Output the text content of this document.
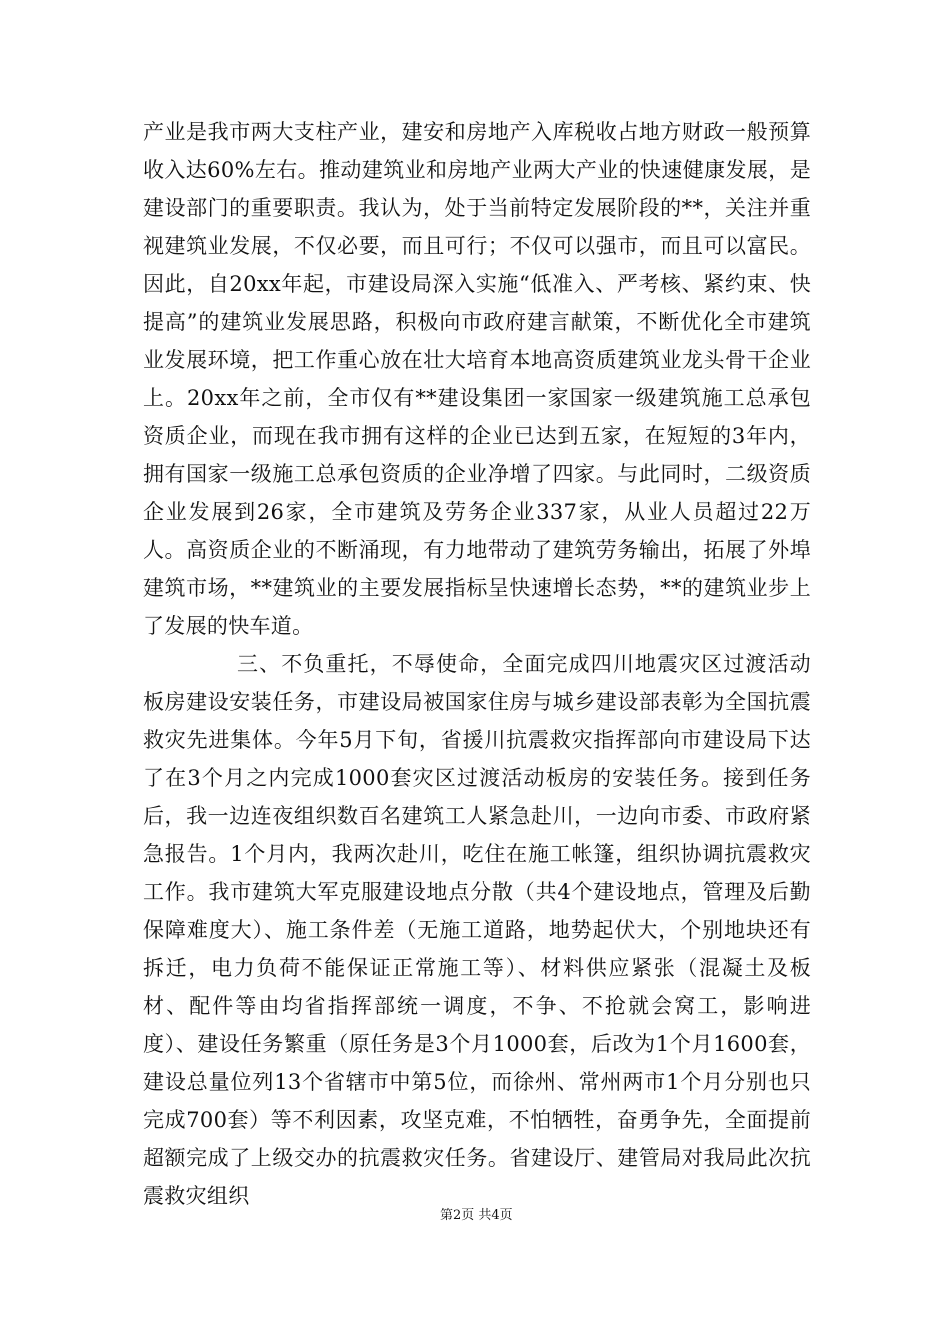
产业是我市两大支柱产业，建安和房地产入库税收占地方财政一般预算收入达60%左右。推动建筑业和房地产业两大产业的快速健康发展，是建设部门的重要职责。我认为，处于当前特定发展阶段的**，关注并重视建筑业发展，不仅必要，而且可行；不仅可以强市，而且可以富民。因此，自20xx年起，市建设局深入实施“低准入、严考核、紧约束、快提高”的建筑业发展思路，积极向市政府建言献策，不断优化全市建筑业发展环境，把工作重心放在壮大培育本地高资质建筑业龙头骨干企业上。20xx年之前，全市仅有**建设集团一家国家一级建筑施工总承包资质企业，而现在我市拥有这样的企业已达到五家，在短短的3年内，拥有国家一级施工总承包资质的企业净增了四家。与此同时，二级资质企业发展到26家，全市建筑及劳务企业337家，从业人员超过22万人。高资质企业的不断涌现，有力地带动了建筑劳务输出，拓展了外埠建筑市场，**建筑业的主要发展指标呈快速增长态势，**的建筑业步上了发展的快车道。

三、不负重托，不辱使命，全面完成四川地震灾区过渡活动板房建设安装任务，市建设局被国家住房与城乡建设部表彰为全国抗震救灾先进集体。今年5月下旬，省援川抗震救灾指挥部向市建设局下达了在3个月之内完成1000套灾区过渡活动板房的安装任务。接到任务后，我一边连夜组织数百名建筑工人紧急赴川，一边向市委、市政府紧急报告。1个月内，我两次赴川，吃住在施工帐篷，组织协调抗震救灾工作。我市建筑大军克服建设地点分散（共4个建设地点，管理及后勤保障难度大）、施工条件差（无施工道路，地势起伏大，个别地块还有拆迁，电力负荷不能保证正常施工等）、材料供应紧张（混凝土及板材、配件等由均省指挥部统一调度，不争、不抢就会窝工，影响进度）、建设任务繁重（原任务是3个月1000套，后改为1个月1600套，建设总量位列13个省辖市中第5位，而徐州、常州两市1个月分别也只完成700套）等不利因素，攻坚克难，不怕牺牲，奋勇争先，全面提前超额完成了上级交办的抗震救灾任务。省建设厅、建管局对我局此次抗震救灾组织

第2页 共4页
